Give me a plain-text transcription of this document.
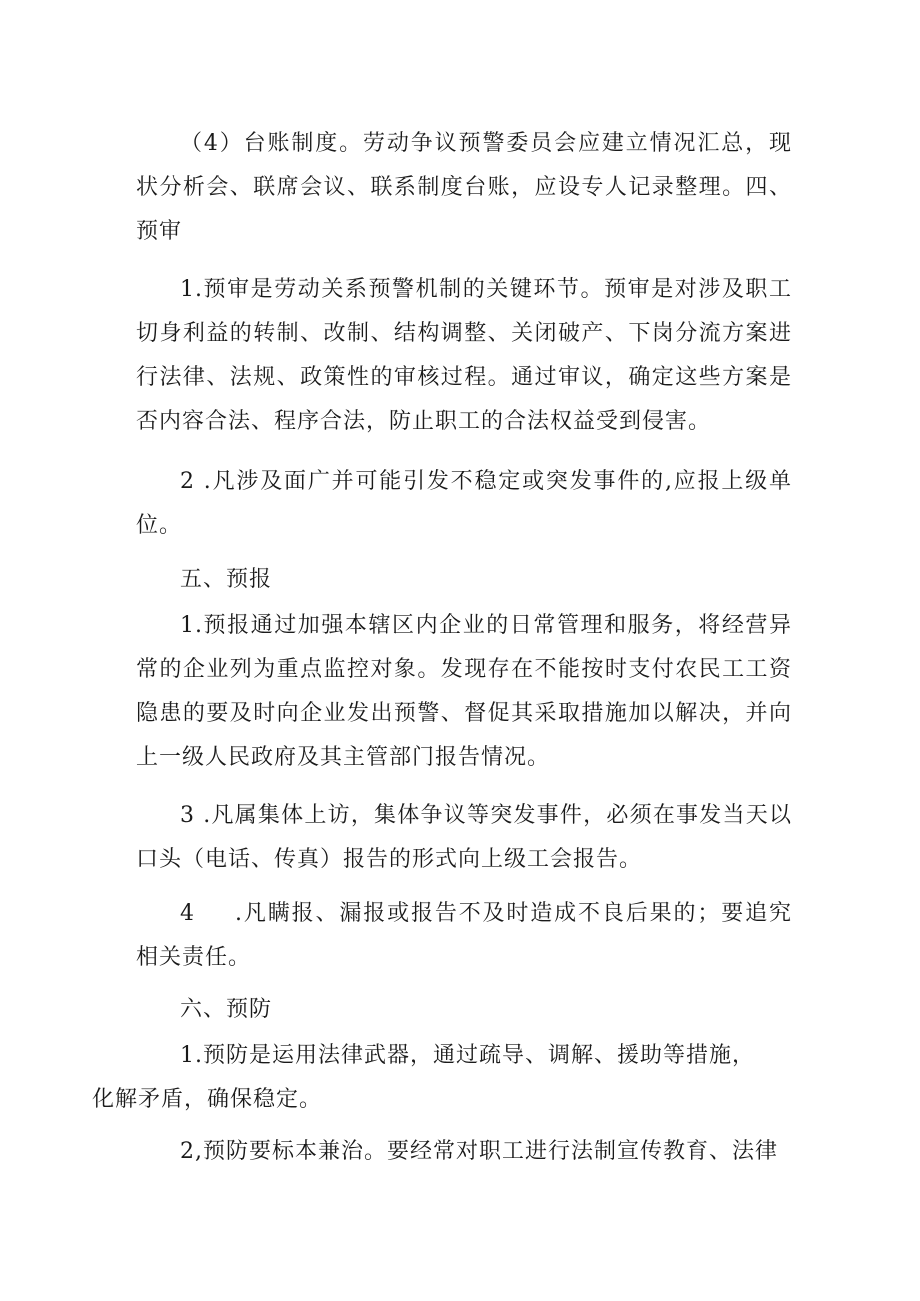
（4）台账制度。劳动争议预警委员会应建立情况汇总，现状分析会、联席会议、联系制度台账，应设专人记录整理。四、预审

1.预审是劳动关系预警机制的关键环节。预审是对涉及职工切身利益的转制、改制、结构调整、关闭破产、下岗分流方案进行法律、法规、政策性的审核过程。通过审议，确定这些方案是否内容合法、程序合法，防止职工的合法权益受到侵害。

2 .凡涉及面广并可能引发不稳定或突发事件的,应报上级单位。

五、预报

1.预报通过加强本辖区内企业的日常管理和服务，将经营异常的企业列为重点监控对象。发现存在不能按时支付农民工工资隐患的要及时向企业发出预警、督促其采取措施加以解决，并向上一级人民政府及其主管部门报告情况。

3 .凡属集体上访，集体争议等突发事件，必须在事发当天以口头（电话、传真）报告的形式向上级工会报告。

4 .凡瞒报、漏报或报告不及时造成不良后果的；要追究相关责任。

六、预防

1.预防是运用法律武器，通过疏导、调解、援助等措施，
化解矛盾，确保稳定。

2,预防要标本兼治。要经常对职工进行法制宣传教育、法律
